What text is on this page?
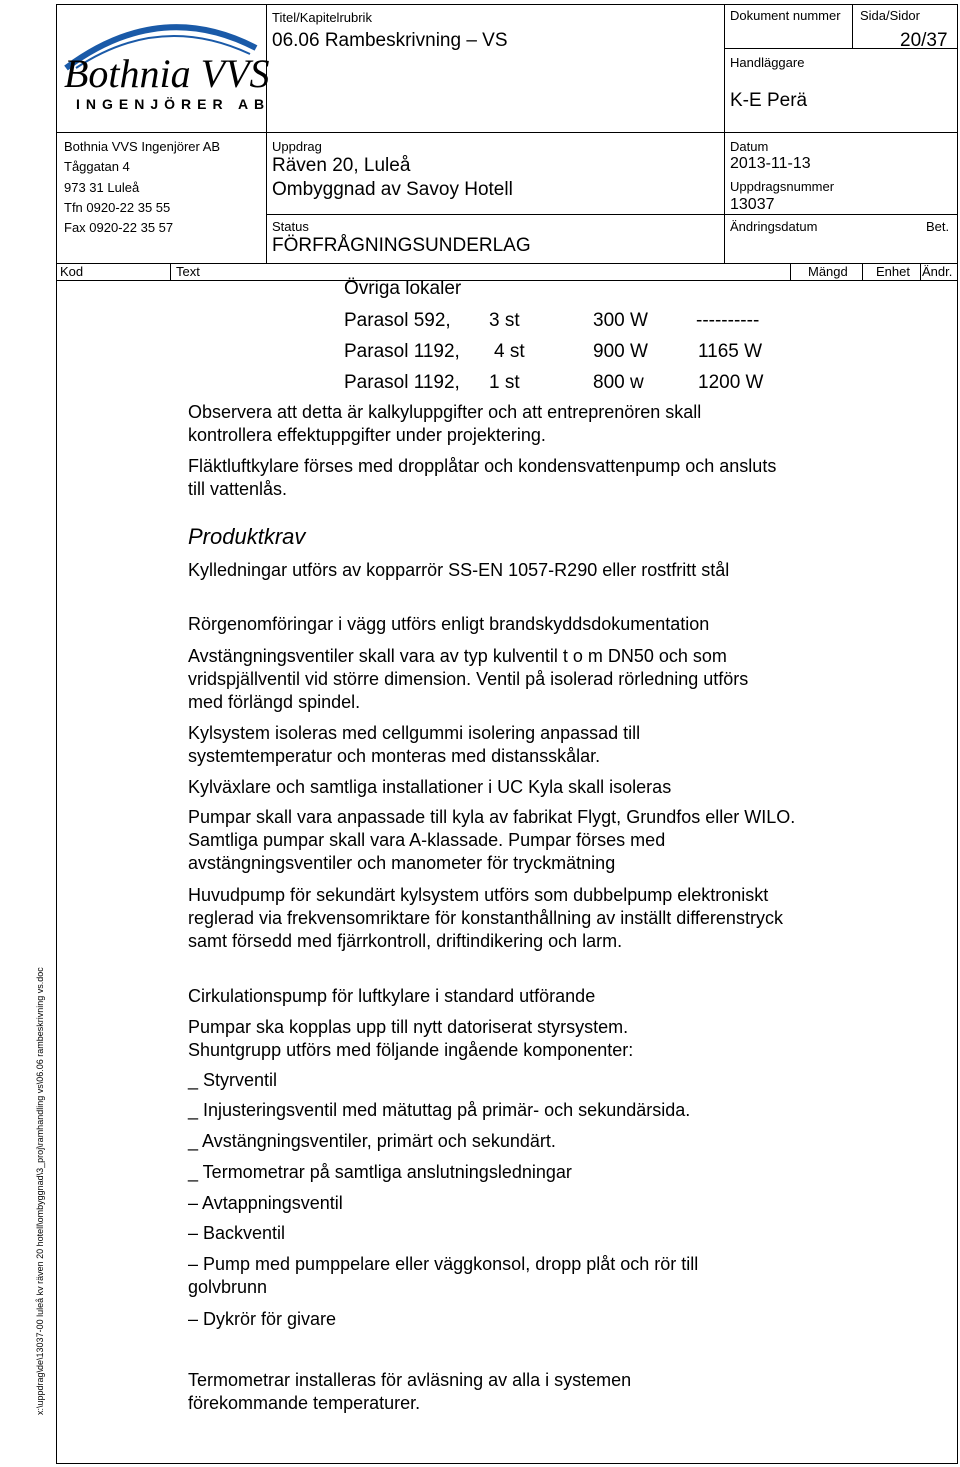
Bothnia VVS
INGENJÖRER AB
Titel/Kapitelrubrik
06.06 Rambeskrivning – VS
Dokument nummer Sida/Sidor
20/37
Handläggare
K-E Perä
Bothnia VVS Ingenjörer AB
Tåggatan 4
973 31 Luleå
Tfn 0920-22 35 55
Fax 0920-22 35 57
Uppdrag
Räven 20, Luleå
Ombyggnad av Savoy Hotell
Status
FÖRFRÅGNINGSUNDERLAG
Datum
2013-11-13
Uppdragsnummer
13037
Ändringsdatum	Bet.
Kod	Text	Mängd Enhet Ändr.
Övriga lokaler
Parasol 592, 3 st	300 W	----------
Parasol 1192, 4 st	900 W	1165 W
Parasol 1192, 1 st	800 w	1200 W
Observera att detta är kalkyluppgifter och att entreprenören skall kontrollera effektuppgifter under projektering.
Fläktluftkylare förses med dropplåtar och kondensvattenpump och ansluts till vattenlås.
Produktkrav
Kylledningar utförs av kopparrör SS-EN 1057-R290 eller rostfritt stål
Rörgenomföringar i vägg utförs enligt brandskyddsdokumentation
Avstängningsventiler skall vara av typ kulventil t o m DN50 och som vridspjällventil vid större dimension. Ventil på isolerad rörledning utförs med förlängd spindel.
Kylsystem isoleras med cellgummi isolering anpassad till systemtemperatur och monteras med distansskålar.
Kylväxlare och samtliga installationer i UC Kyla skall isoleras
Pumpar skall vara anpassade till kyla av fabrikat Flygt, Grundfos eller WILO. Samtliga pumpar skall vara A-klassade. Pumpar förses med avstängningsventiler och manometer för tryckmätning
Huvudpump för sekundärt kylsystem utförs som dubbelpump elektroniskt reglerad via frekvensomriktare för konstanthållning av inställt differenstryck samt försedd med fjärrkontroll, driftindikering och larm.
Cirkulationspump för luftkylare i standard utförande
Pumpar ska kopplas upp till nytt datoriserat styrsystem.
Shuntgrupp utförs med följande ingående komponenter:
_ Styrventil
_ Injusteringsventil med mätuttag på primär- och sekundärsida.
_ Avstängningsventiler, primärt och sekundärt.
_ Termometrar på samtliga anslutningsledningar
– Avtappningsventil
– Backventil
– Pump med pumppelare eller väggkonsol, dropp plåt och rör till golvbrunn
– Dykrör för givare
Termometrar installeras för avläsning av alla i systemen förekommande temperaturer.
x:\uppdrag\de\13037-00 luleå kv räven 20 hotell\ombyggnad\3_proj\ramhandling vs\06.06 rambeskrivning vs.doc
